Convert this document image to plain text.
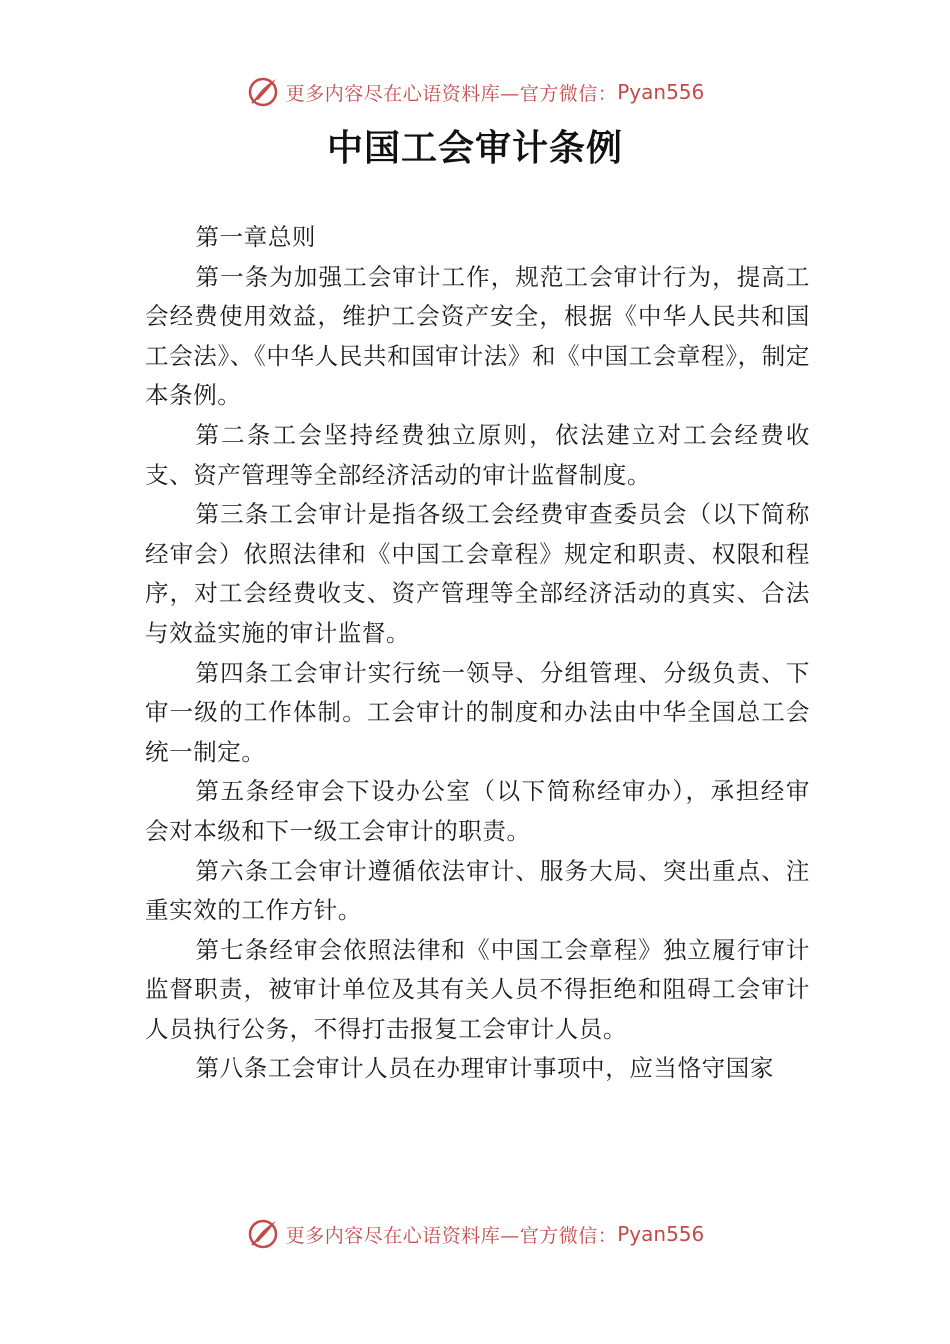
更多内容尽在心语资料库—官方微信： Pyan556
中国工会审计条例

第一章总则

第一条为加强工会审计工作，规范工会审计行为，提高工会经费使用效益，维护工会资产安全，根据《中华人民共和国工会法》、《中华人民共和国审计法》和《中国工会章程》，制定本条例。

第二条工会坚持经费独立原则，依法建立对工会经费收支、资产管理等全部经济活动的审计监督制度。

第三条工会审计是指各级工会经费审查委员会（以下简称经审会）依照法律和《中国工会章程》规定和职责、权限和程序，对工会经费收支、资产管理等全部经济活动的真实、合法与效益实施的审计监督。

第四条工会审计实行统一领导、分组管理、分级负责、下审一级的工作体制。工会审计的制度和办法由中华全国总工会统一制定。

第五条经审会下设办公室（以下简称经审办），承担经审会对本级和下一级工会审计的职责。

第六条工会审计遵循依法审计、服务大局、突出重点、注重实效的工作方针。

第七条经审会依照法律和《中国工会章程》独立履行审计监督职责，被审计单位及其有关人员不得拒绝和阻碍工会审计人员执行公务，不得打击报复工会审计人员。

第八条工会审计人员在办理审计事项中，应当恪守国家

更多内容尽在心语资料库—官方微信： Pyan556
